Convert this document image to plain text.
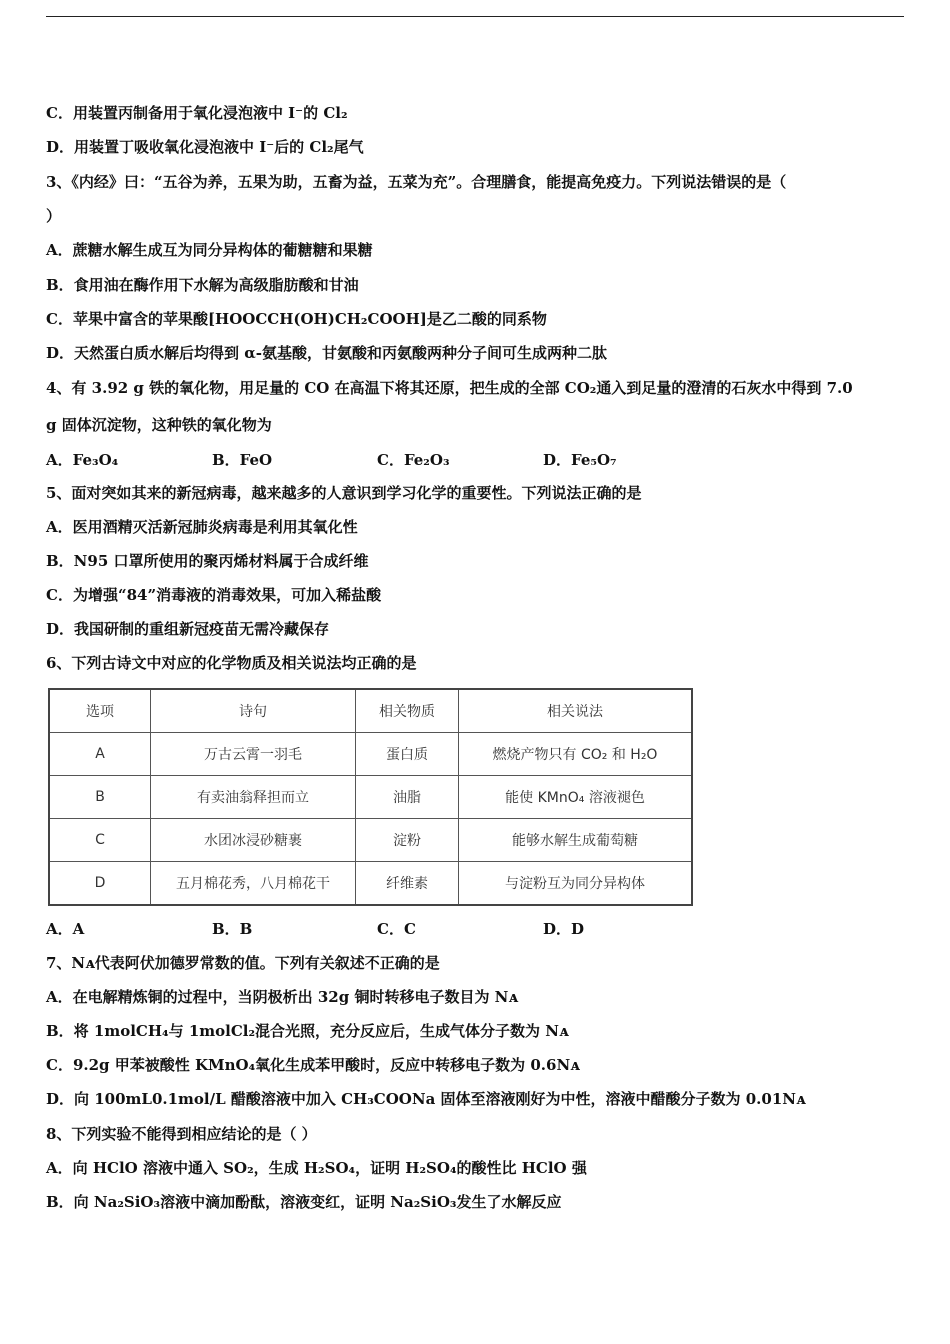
C．用装置丙制备用于氧化浸泡液中 I⁻的 Cl₂
D．用装置丁吸收氧化浸泡液中 I⁻后的 Cl₂尾气
3、《内经》曰：“五谷为养，五果为助，五畜为益，五菜为充”。合理膳食，能提高免疫力。下列说法错误的是（
）
A．蔗糖水解生成互为同分异构体的葡糖糖和果糖
B．食用油在酶作用下水解为高级脂肪酸和甘油
C．苹果中富含的苹果酸[HOOCCH(OH)CH₂COOH]是乙二酸的同系物
D．天然蛋白质水解后均得到 α-氨基酸，甘氨酸和丙氨酸两种分子间可生成两种二肽
4、有 3.92 g 铁的氧化物，用足量的 CO 在高温下将其还原，把生成的全部 CO₂通入到足量的澄清的石灰水中得到 7.0
g 固体沉淀物，这种铁的氧化物为
A．Fe₃O₄	B．FeO	C．Fe₂O₃	D．Fe₅O₇
5、面对突如其来的新冠病毒，越来越多的人意识到学习化学的重要性。下列说法正确的是
A．医用酒精灭活新冠肺炎病毒是利用其氧化性
B．N95 口罩所使用的聚丙烯材料属于合成纤维
C．为增强“84”消毒液的消毒效果，可加入稀盐酸
D．我国研制的重组新冠疫苗无需冷藏保存
6、下列古诗文中对应的化学物质及相关说法均正确的是
选项	诗句	相关物质	相关说法
A	万古云霄一羽毛	蛋白质	燃烧产物只有 CO₂ 和 H₂O
B	有卖油翁释担而立	油脂	能使 KMnO₄ 溶液褪色
C	水团冰浸砂糖裹	淀粉	能够水解生成葡萄糖
D	五月棉花秀，八月棉花干	纤维素	与淀粉互为同分异构体
A．A	B．B	C．C	D．D
7、Nᴀ代表阿伏加德罗常数的值。下列有关叙述不正确的是
A．在电解精炼铜的过程中，当阴极析出 32g 铜时转移电子数目为 Nᴀ
B．将 1molCH₄与 1molCl₂混合光照，充分反应后，生成气体分子数为 Nᴀ
C．9.2g 甲苯被酸性 KMnO₄氧化生成苯甲酸时，反应中转移电子数为 0.6Nᴀ
D．向 100mL0.1mol/L 醋酸溶液中加入 CH₃COONa 固体至溶液刚好为中性，溶液中醋酸分子数为 0.01Nᴀ
8、下列实验不能得到相应结论的是（ ）
A．向 HClO 溶液中通入 SO₂，生成 H₂SO₄，证明 H₂SO₄的酸性比 HClO 强
B．向 Na₂SiO₃溶液中滴加酚酞，溶液变红，证明 Na₂SiO₃发生了水解反应
